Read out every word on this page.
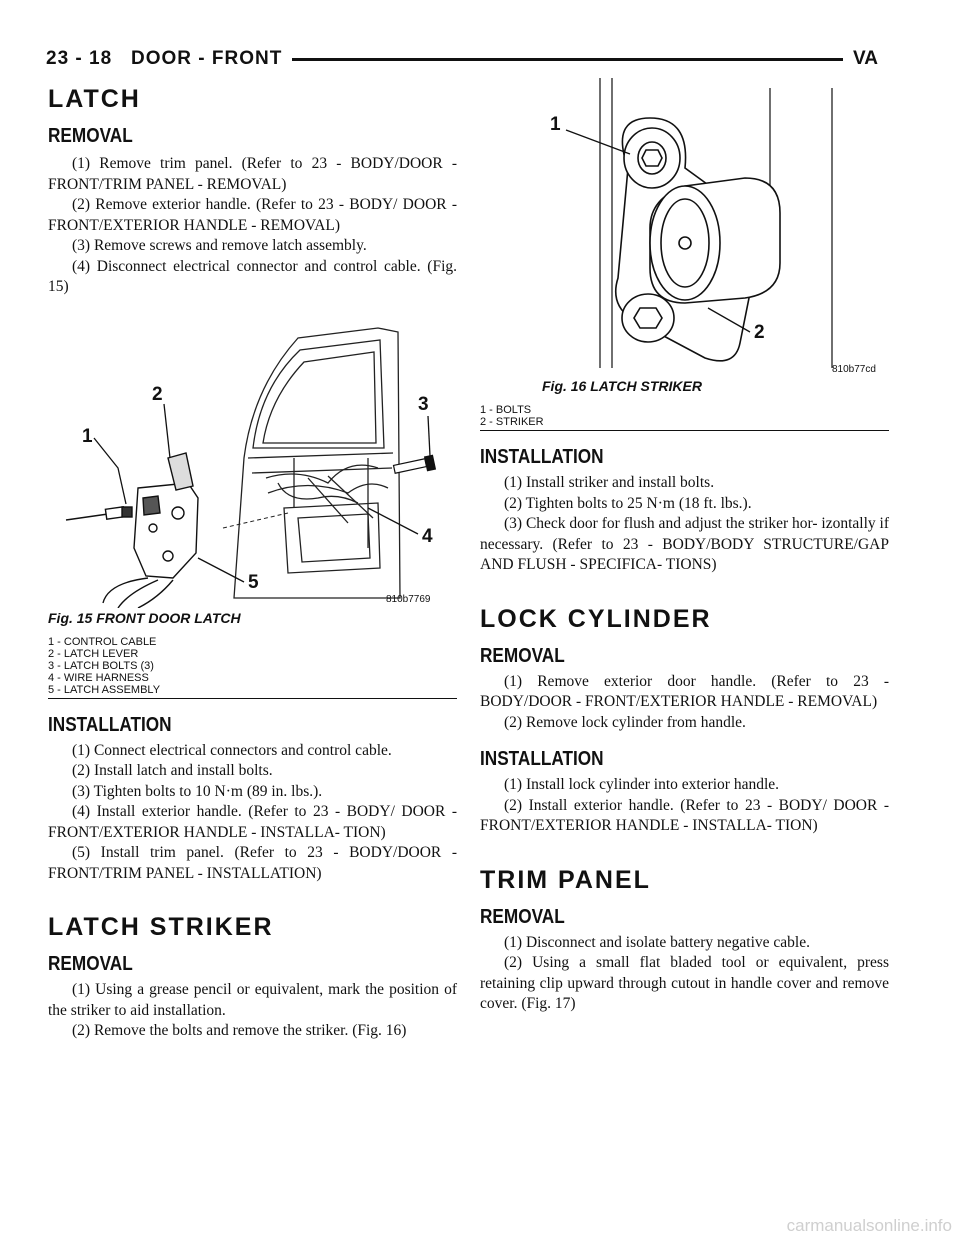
23 - 18   DOOR - FRONT	VA
LATCH
REMOVAL

(1) Remove trim panel. (Refer to 23 - BODY/DOOR - FRONT/TRIM PANEL - REMOVAL)

(2) Remove exterior handle. (Refer to 23 - BODY/ DOOR - FRONT/EXTERIOR HANDLE - REMOVAL)

(3) Remove screws and remove latch assembly.

(4) Disconnect electrical connector and control cable. (Fig. 15)

1
2	3
4
5
810b7769

Fig. 15 FRONT DOOR LATCH

1 - CONTROL CABLE

2 - LATCH LEVER

3 - LATCH BOLTS (3)

4 - WIRE HARNESS

5 - LATCH ASSEMBLY

INSTALLATION

(1) Connect electrical connectors and control cable.

(2) Install latch and install bolts.

(3) Tighten bolts to 10 N·m (89 in. lbs.).

(4) Install exterior handle. (Refer to 23 - BODY/ DOOR - FRONT/EXTERIOR HANDLE - INSTALLA- TION)

(5) Install trim panel. (Refer to 23 - BODY/DOOR - FRONT/TRIM PANEL - INSTALLATION)

LATCH STRIKER
REMOVAL

(1) Using a grease pencil or equivalent, mark the position of the striker to aid installation.

(2) Remove the bolts and remove the striker. (Fig. 16)

1
2
810b77cd

Fig. 16 LATCH STRIKER

1 - BOLTS

2 - STRIKER

INSTALLATION

(1) Install striker and install bolts.

(2) Tighten bolts to 25 N·m (18 ft. lbs.).

(3) Check door for flush and adjust the striker hor- izontally if necessary. (Refer to 23 - BODY/BODY STRUCTURE/GAP AND FLUSH - SPECIFICA- TIONS)

LOCK CYLINDER
REMOVAL

(1) Remove exterior door handle. (Refer to 23 - BODY/DOOR - FRONT/EXTERIOR HANDLE - REMOVAL)

(2) Remove lock cylinder from handle.

INSTALLATION

(1) Install lock cylinder into exterior handle.

(2) Install exterior handle. (Refer to 23 - BODY/ DOOR - FRONT/EXTERIOR HANDLE - INSTALLA- TION)

TRIM PANEL
REMOVAL

(1) Disconnect and isolate battery negative cable.

(2) Using a small flat bladed tool or equivalent, press retaining clip upward through cutout in handle cover and remove cover. (Fig. 17)

carmanualsonline.info
